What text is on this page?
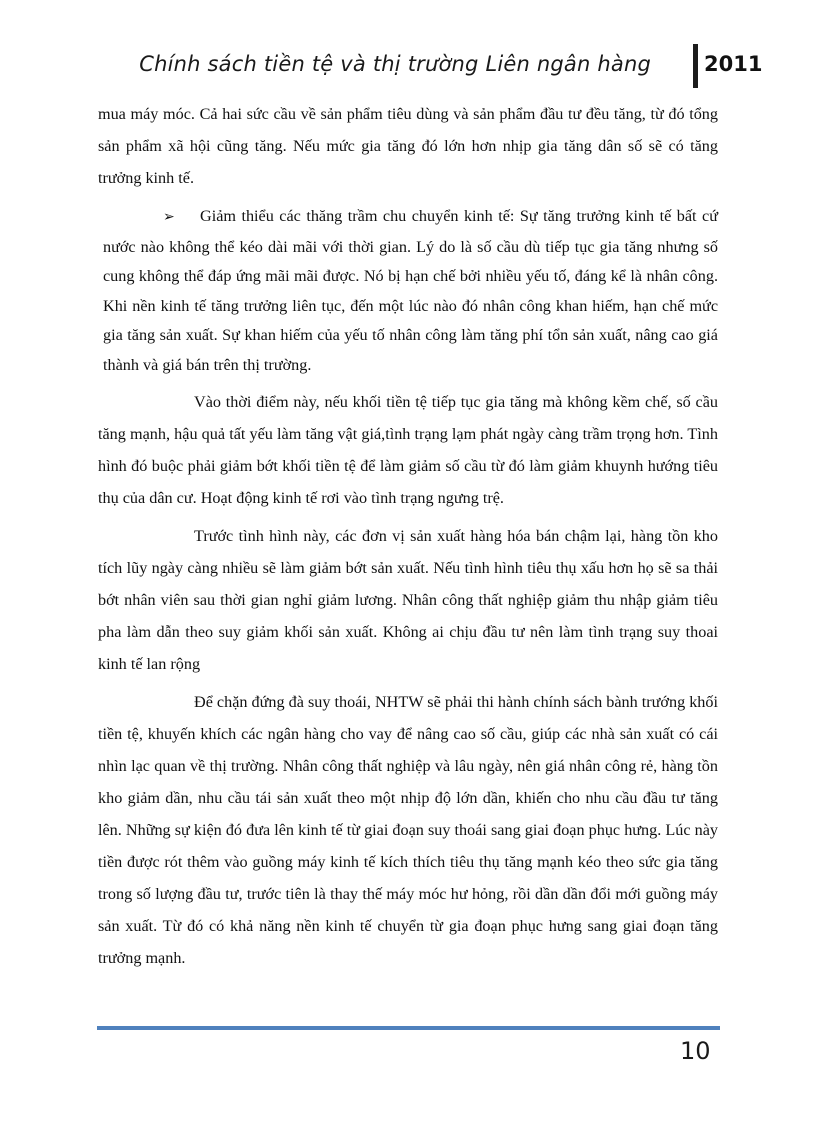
Chính sách tiền tệ và thị trường Liên ngân hàng	2011

mua máy móc. Cả hai sức cầu về sản phẩm tiêu dùng và sản phẩm đầu tư đều tăng, từ đó tổng sản phẩm xã hội cũng tăng. Nếu mức gia tăng đó lớn hơn nhịp gia tăng dân số sẽ có tăng trưởng kinh tế.

➢ Giảm thiểu các thăng trầm chu chuyển kinh tế: Sự tăng trưởng kinh tế bất cứ nước nào không thể kéo dài mãi với thời gian. Lý do là số cầu dù tiếp tục gia tăng nhưng số cung không thể đáp ứng mãi mãi được. Nó bị hạn chế bởi nhiều yếu tố, đáng kể là nhân công. Khi nền kinh tế tăng trưởng liên tục, đến một lúc nào đó nhân công khan hiếm, hạn chế mức gia tăng sản xuất. Sự khan hiếm của yếu tố nhân công làm tăng phí tổn sản xuất, nâng cao giá thành và giá bán trên thị trường.

Vào thời điểm này, nếu khối tiền tệ tiếp tục gia tăng mà không kềm chế, số cầu tăng mạnh, hậu quả tất yếu làm tăng vật giá,tình trạng lạm phát ngày càng trầm trọng hơn. Tình hình đó buộc phải giảm bớt khối tiền tệ để làm giảm số cầu từ đó làm giảm khuynh hướng tiêu thụ của dân cư. Hoạt động kinh tế rơi vào tình trạng ngưng trệ.

Trước tình hình này, các đơn vị sản xuất hàng hóa bán chậm lại, hàng tồn kho tích lũy ngày càng nhiều sẽ làm giảm bớt sản xuất. Nếu tình hình tiêu thụ xấu hơn họ sẽ sa thải bớt nhân viên sau thời gian nghỉ giảm lương. Nhân công thất nghiệp giảm thu nhập giảm tiêu pha làm dẫn theo suy giảm khối sản xuất. Không ai chịu đầu tư nên làm tình trạng suy thoai kinh tế lan rộng

Để chặn đứng đà suy thoái, NHTW sẽ phải thi hành chính sách bành trướng khối tiền tệ, khuyến khích các ngân hàng cho vay để nâng cao số cầu, giúp các nhà sản xuất có cái nhìn lạc quan về thị trường. Nhân công thất nghiệp và lâu ngày, nên giá nhân công rẻ, hàng tồn kho giảm dần, nhu cầu tái sản xuất theo một nhịp độ lớn dần, khiến cho nhu cầu đầu tư tăng lên. Những sự kiện đó đưa lên kinh tế từ giai đoạn suy thoái sang giai đoạn phục hưng. Lúc này tiền được rót thêm vào guồng máy kinh tế kích thích tiêu thụ tăng mạnh kéo theo sức gia tăng trong số lượng đầu tư, trước tiên là thay thế máy móc hư hỏng, rồi dần dần đổi mới guồng máy sản xuất. Từ đó có khả năng nền kinh tế chuyển từ gia đoạn phục hưng sang giai đoạn tăng trưởng mạnh.

10
